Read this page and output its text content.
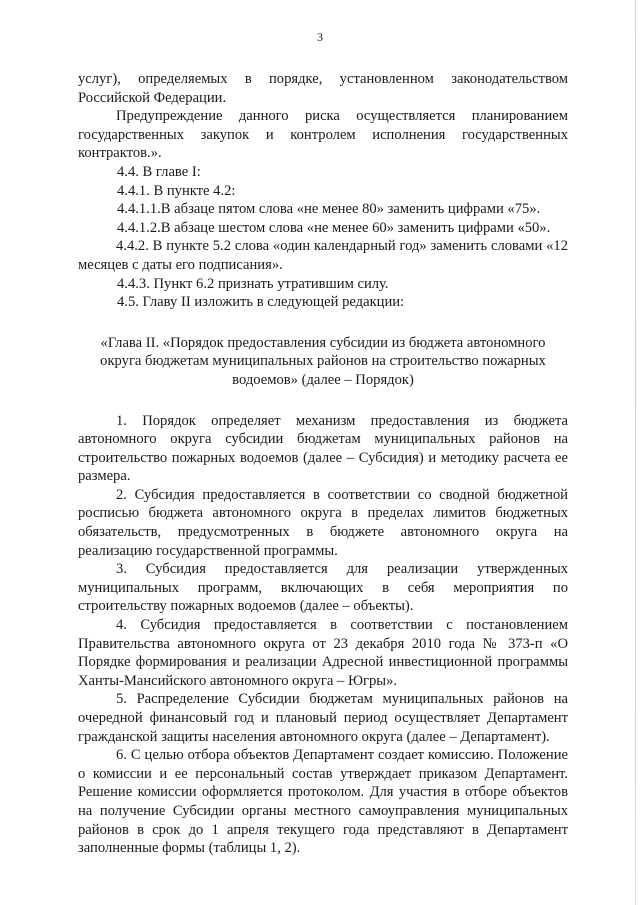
3

услуг), определяемых в порядке, установленном законодательством Российской Федерации.

Предупреждение данного риска осуществляется планированием государственных закупок и контролем исполнения государственных контрактов.».

4.4. В главе I:

4.4.1. В пункте 4.2:

4.4.1.1.В абзаце пятом слова «не менее 80» заменить цифрами «75».

4.4.1.2.В абзаце шестом слова «не менее 60» заменить цифрами «50».

4.4.2. В пункте 5.2 слова «один календарный год» заменить словами «12 месяцев с даты его подписания».

4.4.3. Пункт 6.2 признать утратившим силу.

4.5. Главу II изложить в следующей редакции:

«Глава II. «Порядок предоставления субсидии из бюджета автономного округа бюджетам муниципальных районов на строительство пожарных водоемов» (далее – Порядок)

1. Порядок определяет механизм предоставления из бюджета автономного округа субсидии бюджетам муниципальных районов на строительство пожарных водоемов (далее – Субсидия) и методику расчета ее размера.

2. Субсидия предоставляется в соответствии со сводной бюджетной росписью бюджета автономного округа в пределах лимитов бюджетных обязательств, предусмотренных в бюджете автономного округа на реализацию государственной программы.

3. Субсидия предоставляется для реализации утвержденных муниципальных программ, включающих в себя мероприятия по строительству пожарных водоемов (далее – объекты).

4. Субсидия предоставляется в соответствии с постановлением Правительства автономного округа от 23 декабря 2010 года № 373-п «О Порядке формирования и реализации Адресной инвестиционной программы Ханты-Мансийского автономного округа – Югры».

5. Распределение Субсидии бюджетам муниципальных районов на очередной финансовый год и плановый период осуществляет Департамент гражданской защиты населения автономного округа (далее – Департамент).

6. С целью отбора объектов Департамент создает комиссию. Положение о комиссии и ее персональный состав утверждает приказом Департамент. Решение комиссии оформляется протоколом. Для участия в отборе объектов на получение Субсидии органы местного самоуправления муниципальных районов в срок до 1 апреля текущего года представляют в Департамент заполненные формы (таблицы 1, 2).
